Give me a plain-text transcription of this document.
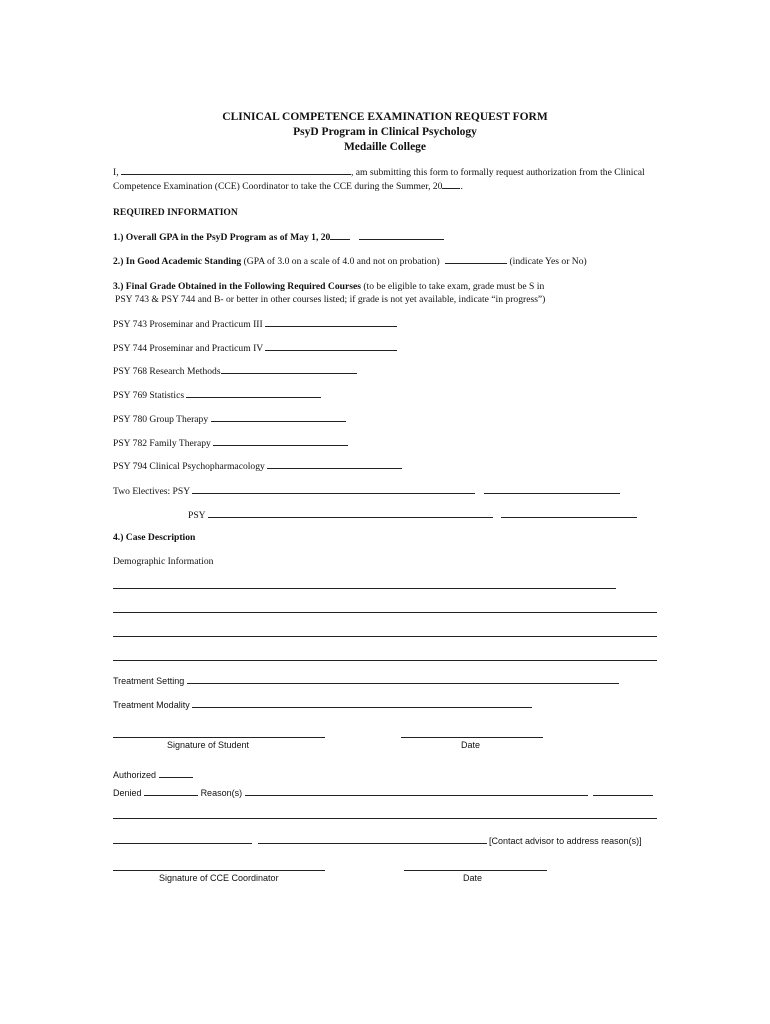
CLINICAL COMPETENCE EXAMINATION REQUEST FORM
PsyD Program in Clinical Psychology
Medaille College
I,	, am submitting this form to formally request authorization from the Clinical
Competence Examination (CCE) Coordinator to take the CCE during the Summer, 20 .
REQUIRED INFORMATION
1.) Overall GPA in the PsyD Program as of May 1, 20
2.) In Good Academic Standing (GPA of 3.0 on a scale of 4.0 and not on probation)	(indicate Yes or No)
3.) Final Grade Obtained in the Following Required Courses (to be eligible to take exam, grade must be S in
PSY 743 & PSY 744 and B- or better in other courses listed; if grade is not yet available, indicate “in progress”)
PSY 743 Proseminar and Practicum III
PSY 744 Proseminar and Practicum IV
PSY 768 Research Methods
PSY 769 Statistics
PSY 780 Group Therapy
PSY 782 Family Therapy
PSY 794 Clinical Psychopharmacology
Two Electives: PSY
PSY
4.) Case Description
Demographic Information
Treatment Setting
Treatment Modality
Signature of Student	Date
Authorized
Denied	Reason(s)
[Contact advisor to address reason(s)]
Signature of CCE Coordinator	Date
